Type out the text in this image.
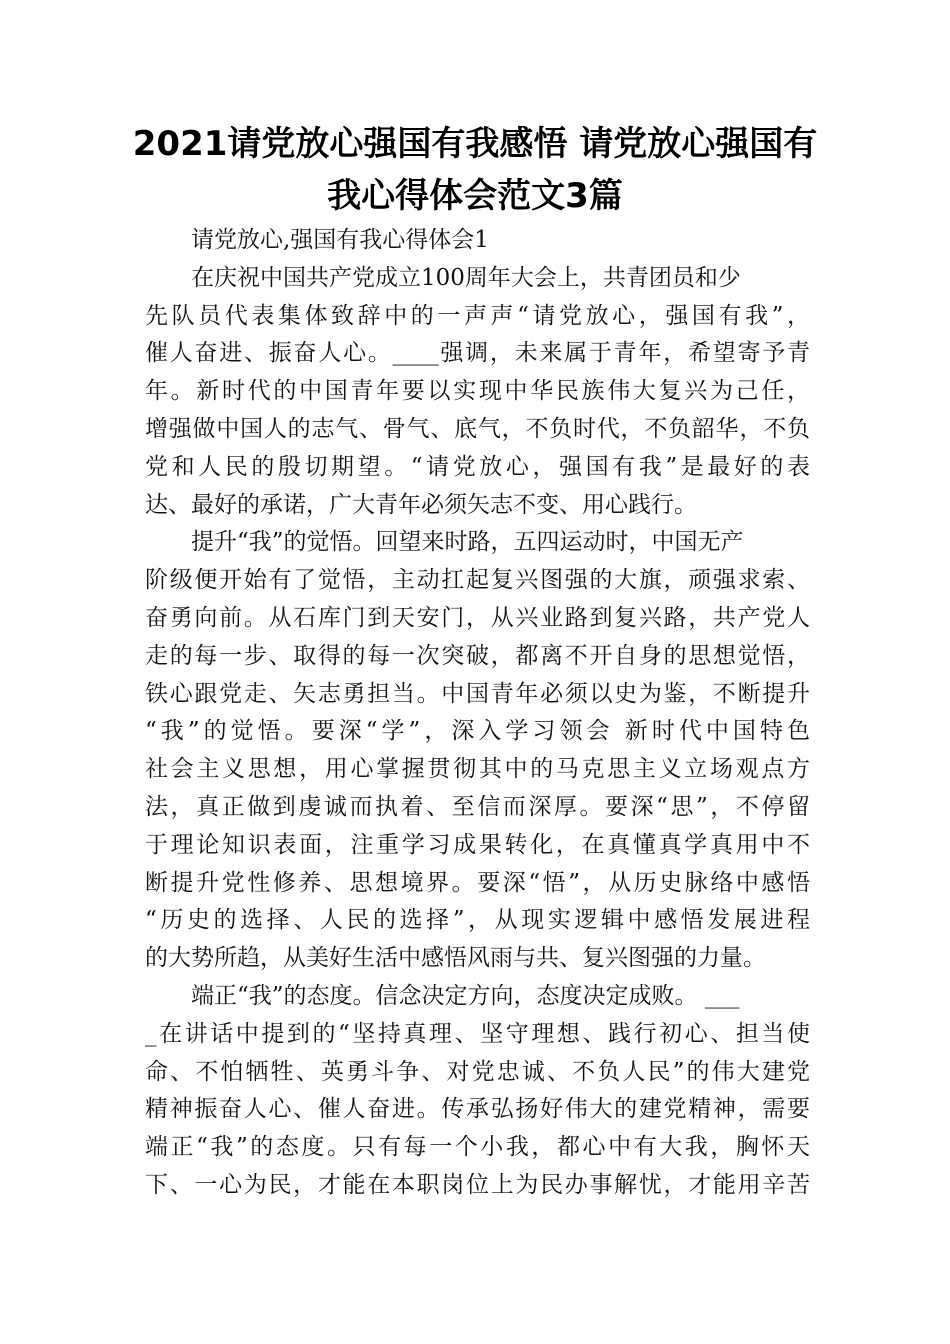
2021请党放心强国有我感悟 请党放心强国有
我心得体会范文3篇
请党放心,强国有我心得体会1
在庆祝中国共产党成立100周年大会上，共青团员和少
先队员代表集体致辞中的一声声“请党放心，强国有我”，
催人奋进、振奋人心。____强调，未来属于青年，希望寄予青
年。新时代的中国青年要以实现中华民族伟大复兴为己任，
增强做中国人的志气、骨气、底气，不负时代，不负韶华，不负
党和人民的殷切期望。“请党放心，强国有我”是最好的表
达、最好的承诺，广大青年必须矢志不变、用心践行。
提升“我”的觉悟。回望来时路，五四运动时，中国无产
阶级便开始有了觉悟，主动扛起复兴图强的大旗，顽强求索、
奋勇向前。从石库门到天安门，从兴业路到复兴路，共产党人
走的每一步、取得的每一次突破，都离不开自身的思想觉悟，
铁心跟党走、矢志勇担当。中国青年必须以史为鉴，不断提升
“我”的觉悟。要深“学”，深入学习领会 新时代中国特色
社会主义思想，用心掌握贯彻其中的马克思主义立场观点方
法，真正做到虔诚而执着、至信而深厚。要深“思”，不停留
于理论知识表面，注重学习成果转化，在真懂真学真用中不
断提升党性修养、思想境界。要深“悟”，从历史脉络中感悟
“历史的选择、人民的选择”，从现实逻辑中感悟发展进程
的大势所趋，从美好生活中感悟风雨与共、复兴图强的力量。
端正“我”的态度。信念决定方向，态度决定成败。 ___
_在讲话中提到的“坚持真理、坚守理想、践行初心、担当使
命、不怕牺牲、英勇斗争、对党忠诚、不负人民”的伟大建党
精神振奋人心、催人奋进。传承弘扬好伟大的建党精神，需要
端正“我”的态度。只有每一个小我，都心中有大我，胸怀天
下、一心为民，才能在本职岗位上为民办事解忧，才能用辛苦
